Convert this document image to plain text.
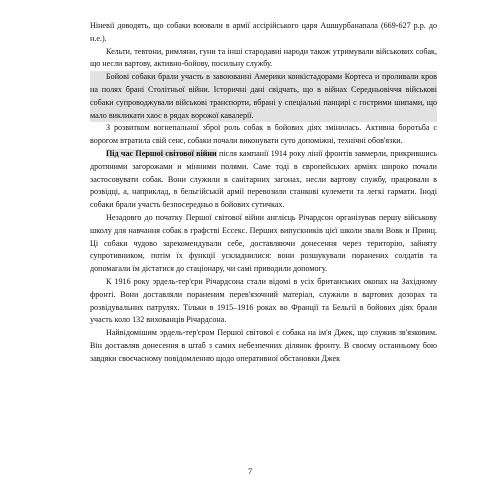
Ніневії доводять, що собаки воювали в армії ассірійського царя Ашшурбанапала (669-627 р.р. до н.е.).

Кельти, тевтони, римляни, гуни та інші стародавні народи також утримували військових собак, що несли вартову, активно-бойову, посильну службу.

Бойові собаки брали участь в завоюванні Америки конкістадорами Кортеса и проливали кров на полях брані Столітньої війни. Історичні дані свідчать, що в війнах Середньовіччя військові собаки супроводжували військові транспорти, вбрані у спеціальні панцирі с гострими шипами, що мало викликати хаос в рядах ворожої кавалерії.

З розвитком вогнепальної зброї роль собак в бойових діях змінилась. Активна боротьба с ворогом втратила свій сенс, собаки почали виконувати суто допоміжні, технічні обов'язки.

Під час Першої світової війни після кампанії 1914 року лінії фронтів завмерли, прикрившись дротяними загорожами и мінними полями. Саме тоді в європейських арміях широко почали застосовувати собак. Вони служили в санітарних загонах, несли вартову службу, працювали в розвідці, а, наприклад, в бельгійській армії перевозили станкові кулемети та легкі гармати. Іноді собаки брали участь безпосередньо в бойових сутичках.

Незадовго до початку Першої світової війни англієць Річардсон організував першу військову школу для навчання собак в графстві Ессекс. Перших випускників цієї школи звали Вовк и Принц. Ці собаки чудово зарекомендували себе, доставляючи донесення через територію, зайняту супротивником, потім їх функції ускладнилися: вони розшукували поранених солдатів та допомагали їм дістатися до стаціонару, чи самі приводили допомогу.

К 1916 року эрдель-тер'єри Річардсона стали відомі в усіх британських окопах на Західному фронті. Вони доставляли пораненим перев'язочний матеріал, служили в вартових дозорах та розвідувальних патрулях. Тільки в 1915–1916 роках во Франції та Бельгії в бойових діях брали участь коло 132 вихованців Річардсона.

Найвідомішим эрдель-тер'єром Першої світової є собака на ім'я Джек, що служив зв'язковим. Він доставляв донесення в штаб з самих небезпечних ділянок фронту. В своєму останньому бою завдяки своєчасному повідомленню щодо оперативної обстановки Джек

7
